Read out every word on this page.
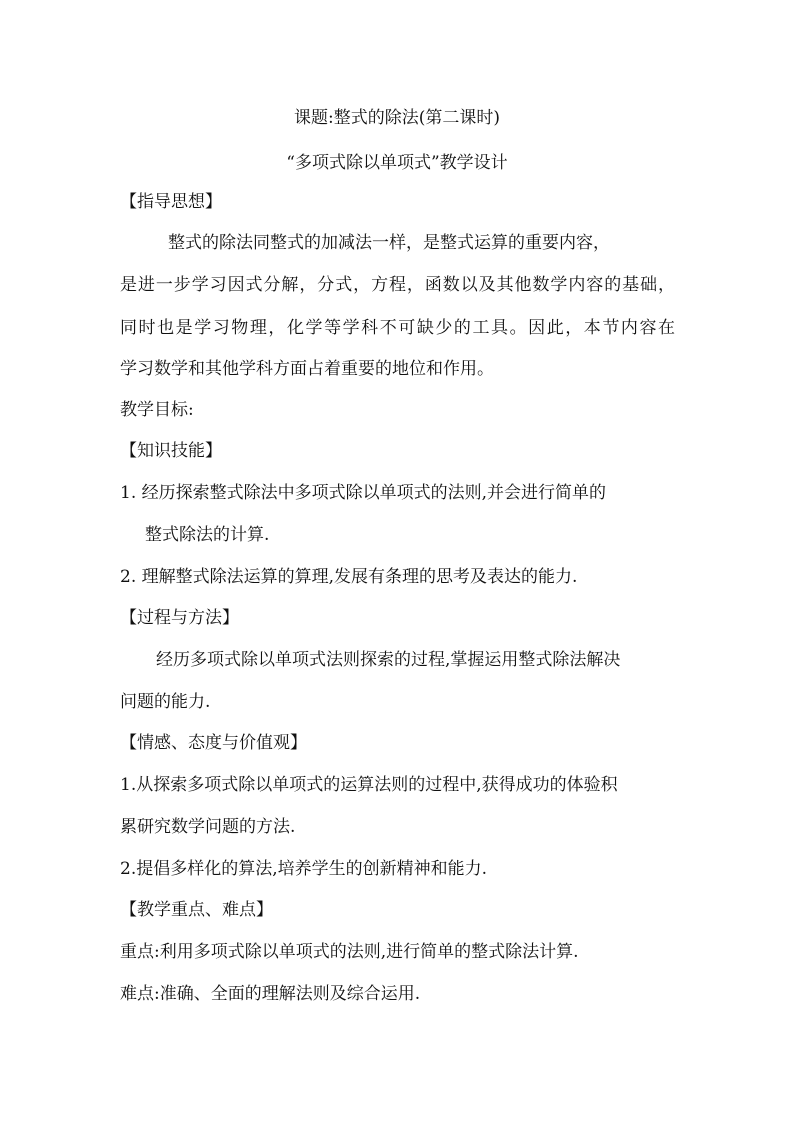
课题:整式的除法(第二课时)
“多项式除以单项式”教学设计
【指导思想】
整式的除法同整式的加减法一样，是整式运算的重要内容，
是进一步学习因式分解，分式，方程，函数以及其他数学内容的基础，
同时也是学习物理，化学等学科不可缺少的工具。因此，本节内容在
学习数学和其他学科方面占着重要的地位和作用。
教学目标:
【知识技能】
1. 经历探索整式除法中多项式除以单项式的法则,并会进行简单的
整式除法的计算.
2. 理解整式除法运算的算理,发展有条理的思考及表达的能力.
【过程与方法】
经历多项式除以单项式法则探索的过程,掌握运用整式除法解决
问题的能力.
【情感、态度与价值观】
1.从探索多项式除以单项式的运算法则的过程中,获得成功的体验积
累研究数学问题的方法.
2.提倡多样化的算法,培养学生的创新精神和能力.
【教学重点、难点】
重点:利用多项式除以单项式的法则,进行简单的整式除法计算.
难点:准确、全面的理解法则及综合运用.
